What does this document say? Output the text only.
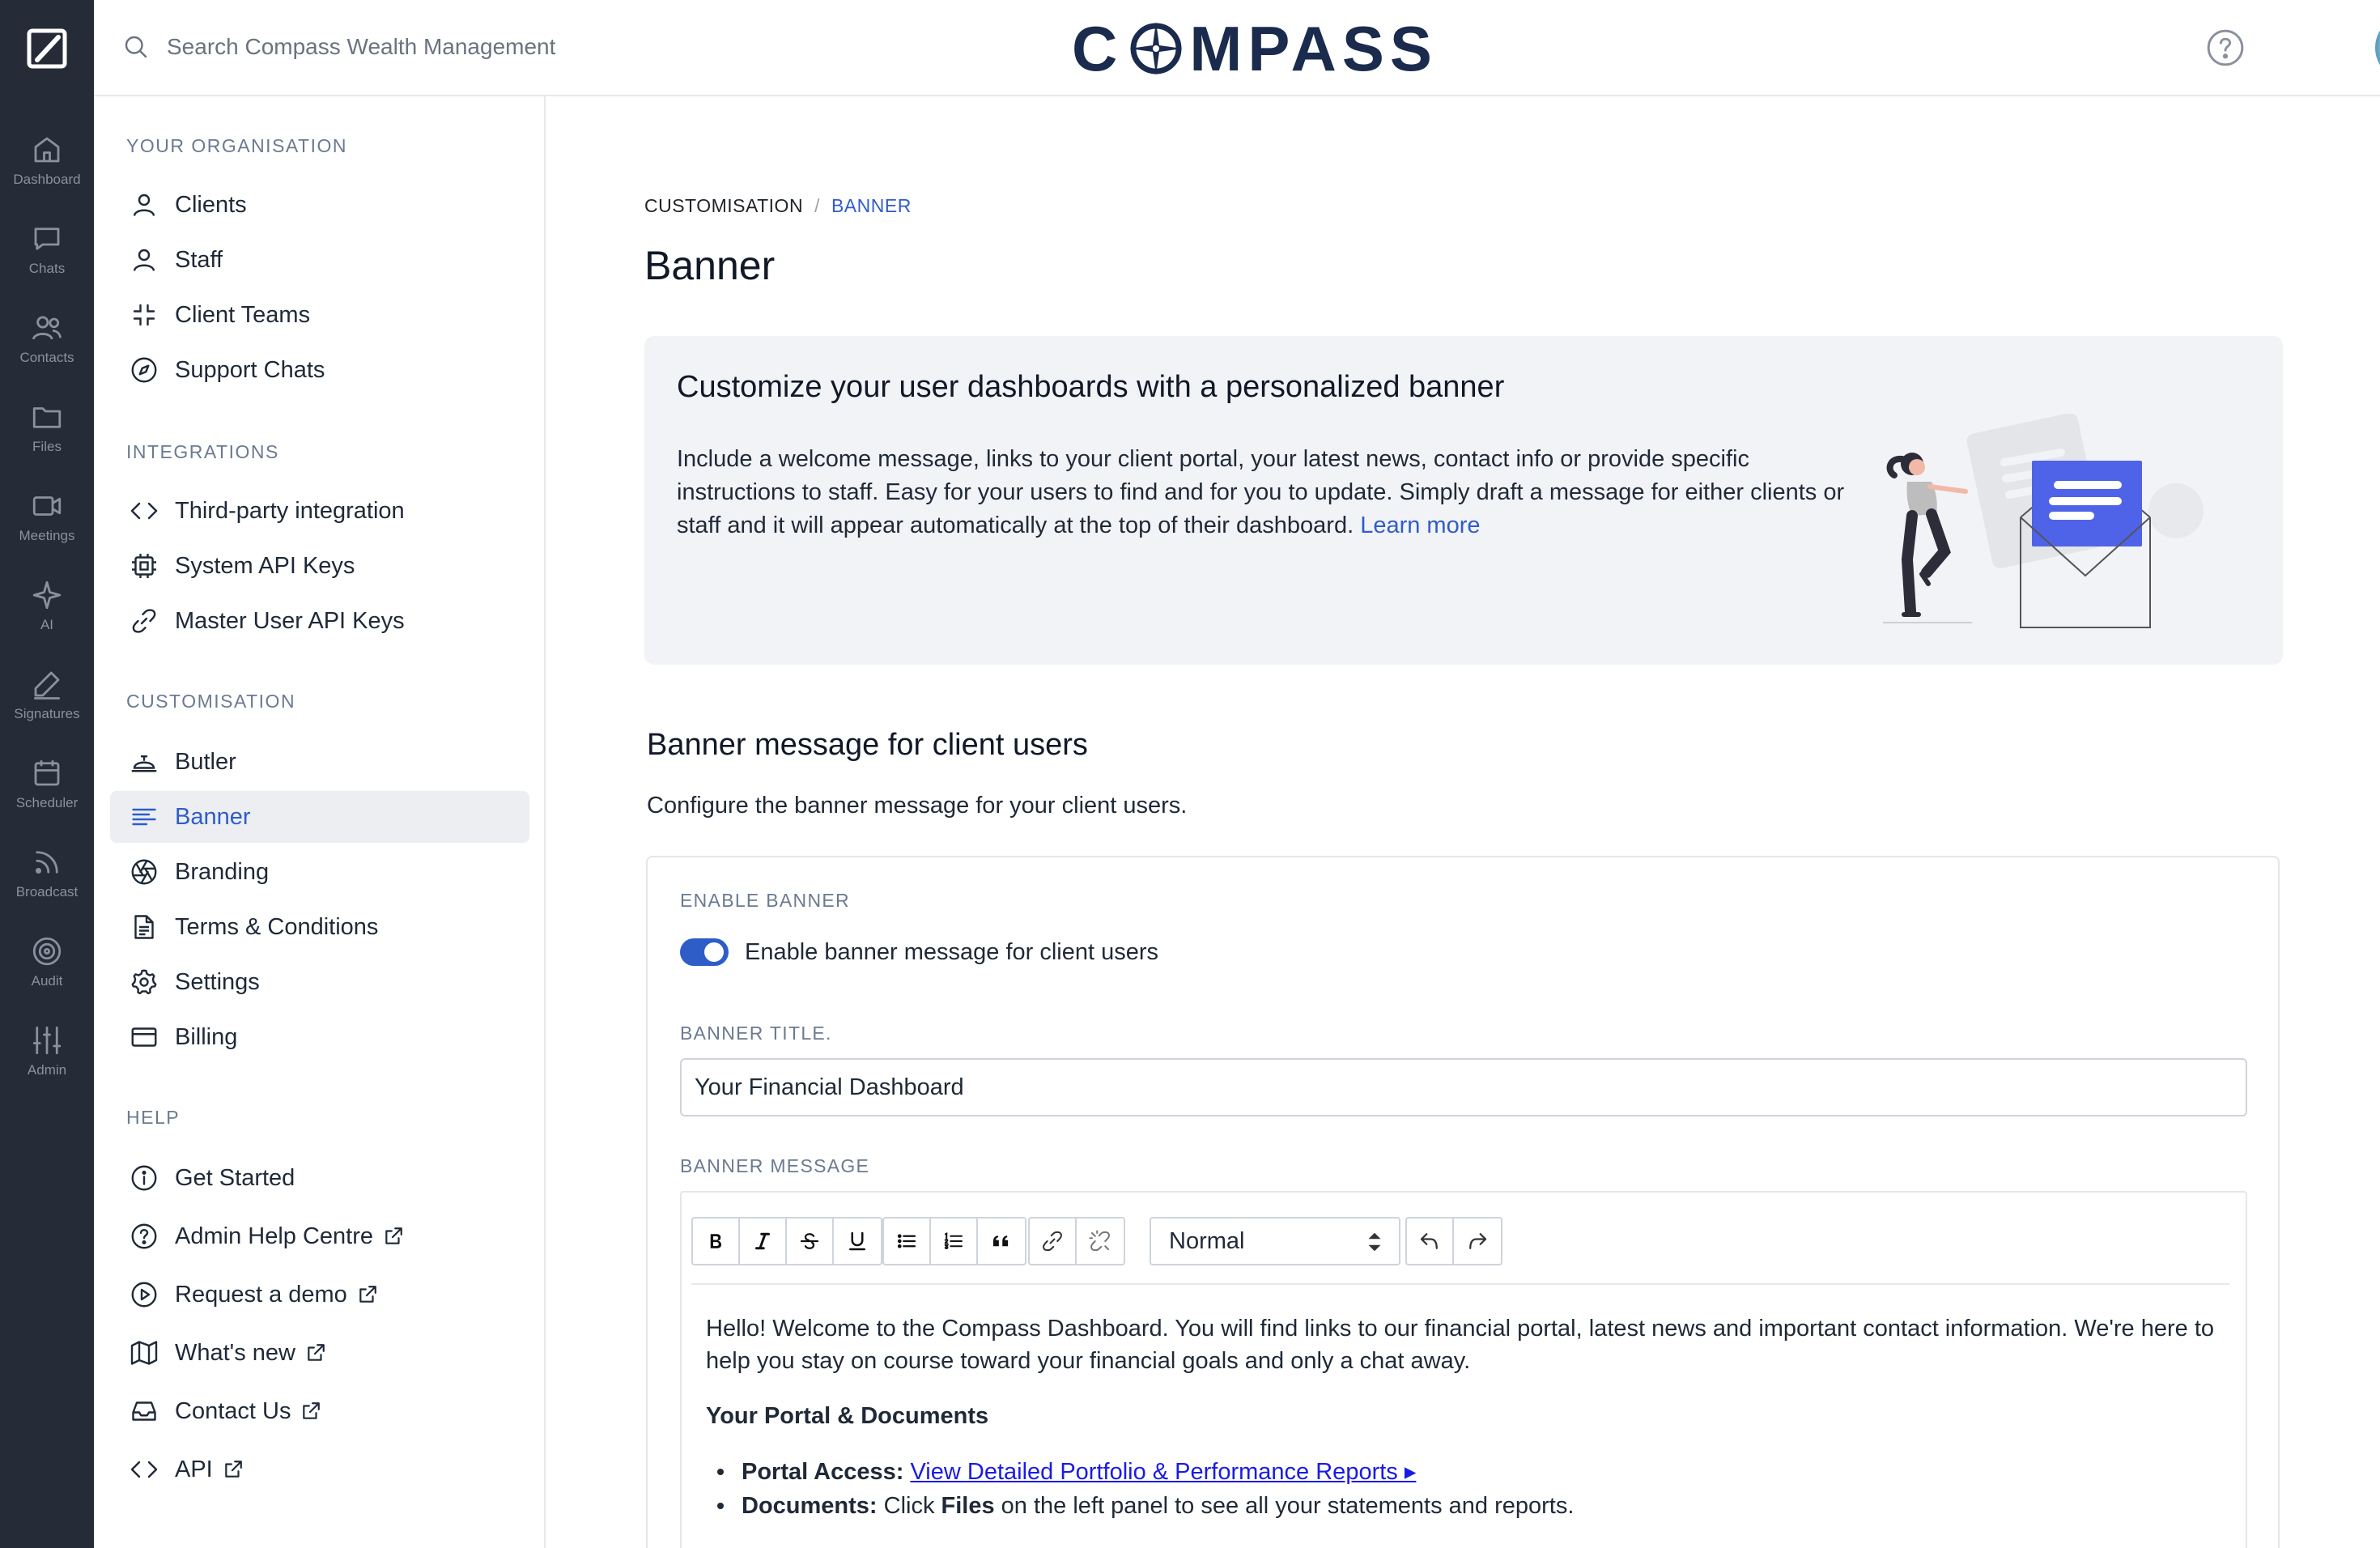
Dashboard
Chats
Contacts
Files
Meetings
AI
Signatures
Scheduler
Broadcast
Audit
Admin
Search Compass Wealth Management
C MPASS
YOUR ORGANISATION
Clients
Staff
Client Teams
Support Chats
INTEGRATIONS
Third-party integration
System API Keys
Master User API Keys
CUSTOMISATION
Butler
Banner
Branding
Terms & Conditions
Settings
Billing
HELP
Get Started
Admin Help Centre
Request a demo
What's new
Contact Us
API
CUSTOMISATION / BANNER
Banner
Customize your user dashboards with a personalized banner

Include a welcome message, links to your client portal, your latest news, contact info or provide specific instructions to staff. Easy for your users to find and for you to update. Simply draft a message for either clients or staff and it will appear automatically at the top of their dashboard. Learn more

Banner message for client users
Configure the banner message for your client users.
ENABLE BANNER
Enable banner message for client users
BANNER TITLE.
Your Financial Dashboard
BANNER MESSAGE
Normal
Hello! Welcome to the Compass Dashboard. You will find links to our financial portal, latest news and important contact information. We're here to help you stay on course toward your financial goals and only a chat away.
Your Portal & Documents
Portal Access: View Detailed Portfolio & Performance Reports ▸
Documents: Click Files on the left panel to see all your statements and reports.
